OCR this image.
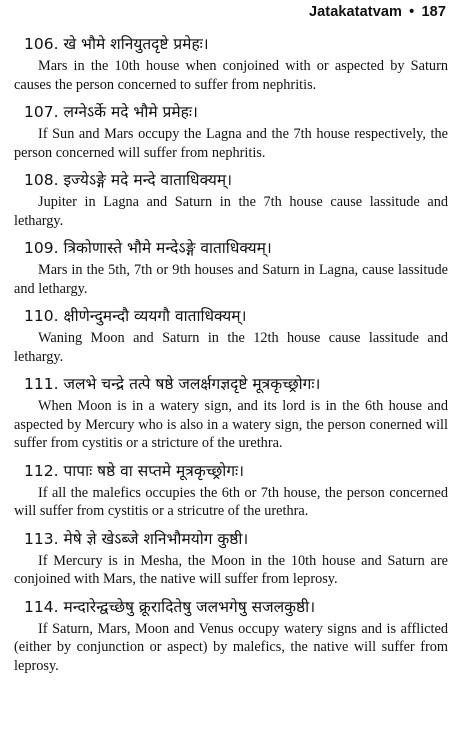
Jatakatatvam • 187
106. खे भौमे शनियुतदृष्टे प्रमेहः।
Mars in the 10th house when conjoined with or aspected by Saturn causes the person concerned to suffer from nephritis.
107. लग्नेऽर्के मदे भौमे प्रमेहः।
If Sun and Mars occupy the Lagna and the 7th house respectively, the person concerned will suffer from nephritis.
108. इज्येऽङ्गे मदे मन्दे वाताधिक्यम्।
Jupiter in Lagna and Saturn in the 7th house cause lassitude and lethargy.
109. त्रिकोणास्ते भौमे मन्देऽङ्गे वाताधिक्यम्।
Mars in the 5th, 7th or 9th houses and Saturn in Lagna, cause lassitude and lethargy.
110. क्षीणेन्दुमन्दौ व्ययगौ वाताधिक्यम्।
Waning Moon and Saturn in the 12th house cause lassitude and lethargy.
111. जलभे चन्द्रे तत्पे षष्ठे जलर्क्षगज्ञदृष्टे मूत्रकृच्छ्रोगः।
When Moon is in a watery sign, and its lord is in the 6th house and aspected by Mercury who is also in a watery sign, the person conerned will suffer from cystitis or a stricture of the urethra.
112. पापाः षष्ठे वा सप्तमे मूत्रकृच्छ्रोगः।
If all the malefics occupies the 6th or 7th house, the person concerned will suffer from cystitis or a stricutre of the urethra.
113. मेषे ज्ञे खेऽब्जे शनिभौमयोग कुष्ठी।
If Mercury is in Mesha, the Moon in the 10th house and Saturn are conjoined with Mars, the native will suffer from leprosy.
114. मन्दारेन्द्वच्छेषु क्रूरादितेषु जलभगेषु सजलकुष्ठी।
If Saturn, Mars, Moon and Venus occupy watery signs and is afflicted (either by conjunction or aspect) by malefics, the native will suffer from leprosy.
